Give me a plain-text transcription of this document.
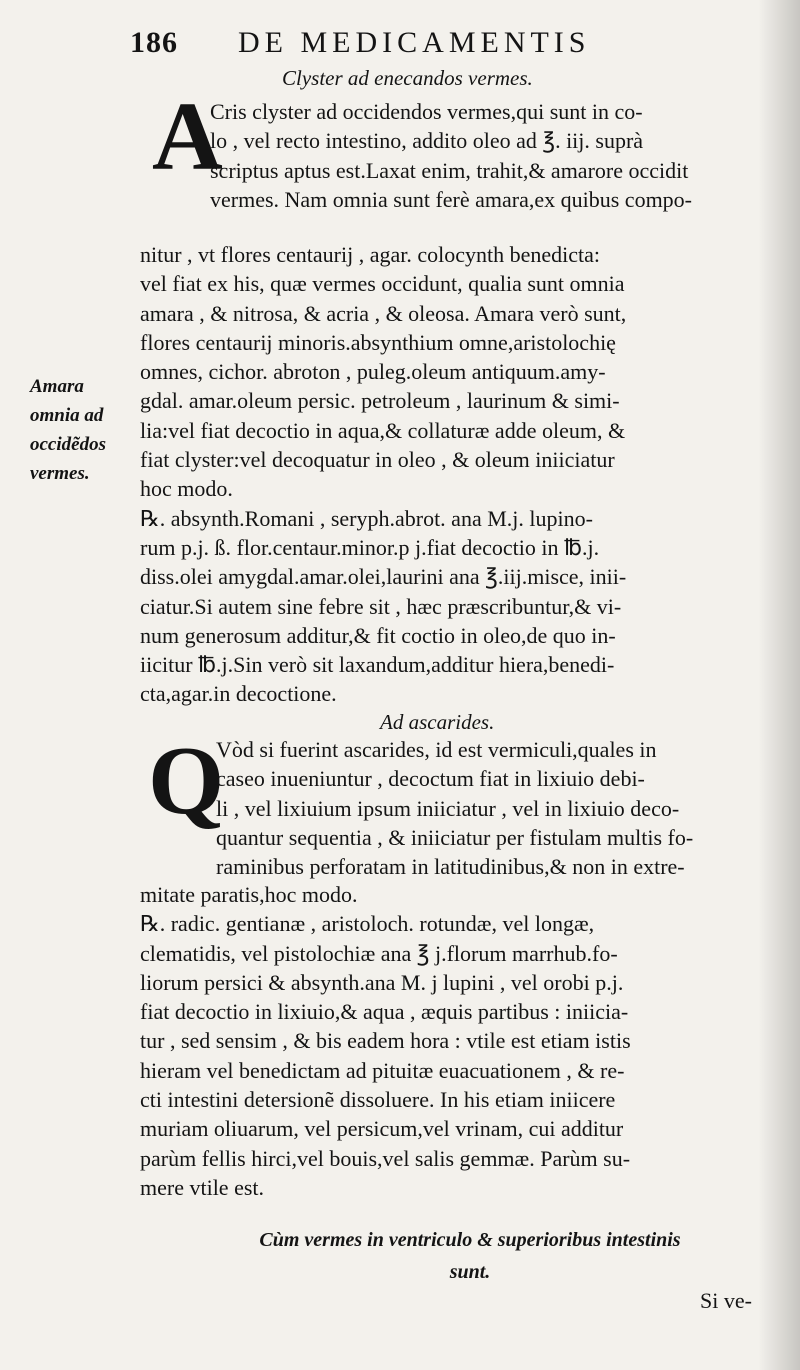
186 DE MEDICAMENTIS
Clyster ad enecandos vermes.
A
Cris clyster ad occidendos vermes,qui sunt in co-
lo , vel recto intestino, addito oleo ad ℥. iij. suprà
scriptus aptus est.Laxat enim, trahit,& amarore occidit
vermes. Nam omnia sunt ferè amara,ex quibus compo-
nitur , vt flores centaurij , agar. colocynth benedicta:
vel fiat ex his, quæ vermes occidunt, qualia sunt omnia
amara , & nitrosa, & acria , & oleosa. Amara verò sunt,
flores centaurij minoris.absynthium omne,aristolochię
omnes, cichor. abroton , puleg.oleum antiquum.amy-
gdal. amar.oleum persic. petroleum , laurinum & simi-
lia:vel fiat decoctio in aqua,& collaturæ adde oleum, &
fiat clyster:vel decoquatur in oleo , & oleum iniiciatur
hoc modo.
℞. absynth.Romani , seryph.abrot. ana M.j. lupino-
rum p.j. ß. flor.centaur.minor.p j.fiat decoctio in ℔.j.
diss.olei amygdal.amar.olei,laurini ana ℥.iij.misce, inii-
ciatur.Si autem sine febre sit , hæc præscribuntur,& vi-
num generosum additur,& fit coctio in oleo,de quo in-
iicitur ℔.j.Sin verò sit laxandum,additur hiera,benedi-
cta,agar.in decoctione.
Amara
omnia ad
occidẽdos
vermes.
Ad ascarides.
Q
Vòd si fuerint ascarides, id est vermiculi,quales in
caseo inueniuntur , decoctum fiat in lixiuio debi-
li , vel lixiuium ipsum iniiciatur , vel in lixiuio deco-
quantur sequentia , & iniiciatur per fistulam multis fo-
raminibus perforatam in latitudinibus,& non in extre-
mitate paratis,hoc modo.
℞. radic. gentianæ , aristoloch. rotundæ, vel longæ,
clematidis, vel pistolochiæ ana ℥ j.florum marrhub.fo-
liorum persici & absynth.ana M. j lupini , vel orobi p.j.
fiat decoctio in lixiuio,& aqua , æquis partibus : iniicia-
tur , sed sensim , & bis eadem hora : vtile est etiam istis
hieram vel benedictam ad pituitæ euacuationem , & re-
cti intestini detersionẽ dissoluere. In his etiam iniicere
muriam oliuarum, vel persicum,vel vrinam, cui additur
parùm fellis hirci,vel bouis,vel salis gemmæ. Parùm su-
mere vtile est.
Cùm vermes in ventriculo & superioribus intestinis sunt.
Si ve-
